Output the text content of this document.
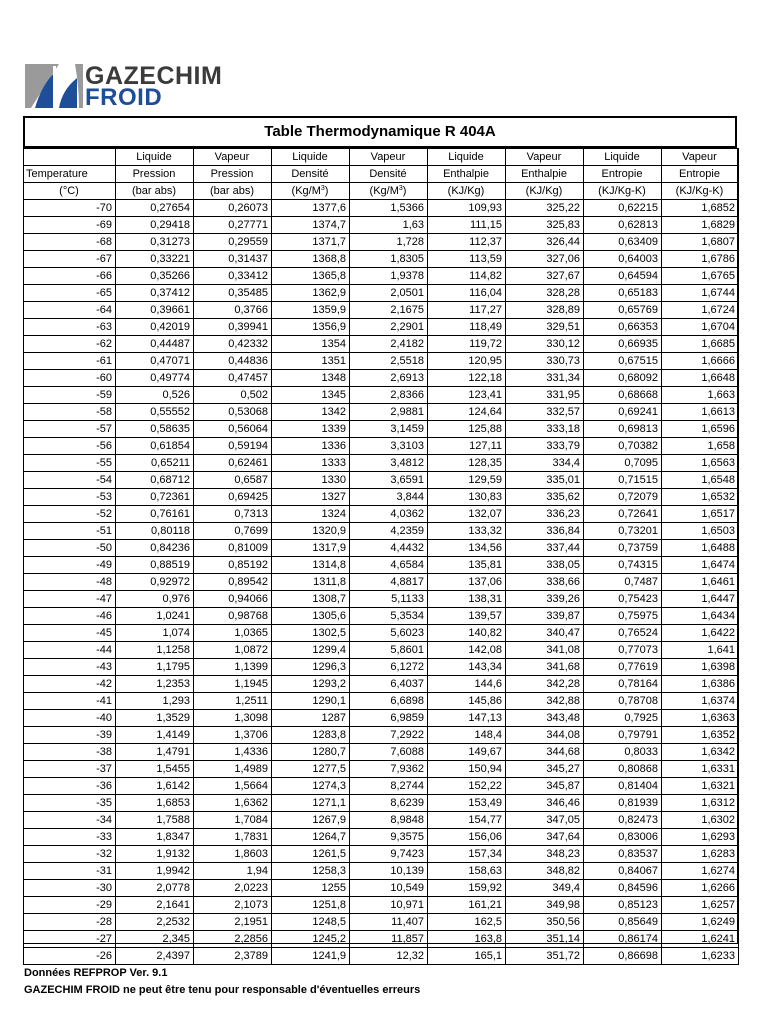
GAZECHIM
FROID
Table Thermodynamique R 404A
	Liquide	Vapeur	Liquide	Vapeur	Liquide	Vapeur	Liquide	Vapeur
Temperature	Pression	Pression	Densité	Densité	Enthalpie	Enthalpie	Entropie	Entropie
(°C)	(bar abs)	(bar abs)	$(Kg/M^3)$	$(Kg/M^3)$	(KJ/Kg)	(KJ/Kg)	(KJ/Kg-K)	(KJ/Kg-K)
-70	0,27654	0,26073	1377,6	1,5366	109,93	325,22	0,62215	1,6852
-69	0,29418	0,27771	1374,7	1,63	111,15	325,83	0,62813	1,6829
-68	0,31273	0,29559	1371,7	1,728	112,37	326,44	0,63409	1,6807
-67	0,33221	0,31437	1368,8	1,8305	113,59	327,06	0,64003	1,6786
-66	0,35266	0,33412	1365,8	1,9378	114,82	327,67	0,64594	1,6765
-65	0,37412	0,35485	1362,9	2,0501	116,04	328,28	0,65183	1,6744
-64	0,39661	0,3766	1359,9	2,1675	117,27	328,89	0,65769	1,6724
-63	0,42019	0,39941	1356,9	2,2901	118,49	329,51	0,66353	1,6704
-62	0,44487	0,42332	1354	2,4182	119,72	330,12	0,66935	1,6685
-61	0,47071	0,44836	1351	2,5518	120,95	330,73	0,67515	1,6666
-60	0,49774	0,47457	1348	2,6913	122,18	331,34	0,68092	1,6648
-59	0,526	0,502	1345	2,8366	123,41	331,95	0,68668	1,663
-58	0,55552	0,53068	1342	2,9881	124,64	332,57	0,69241	1,6613
-57	0,58635	0,56064	1339	3,1459	125,88	333,18	0,69813	1,6596
-56	0,61854	0,59194	1336	3,3103	127,11	333,79	0,70382	1,658
-55	0,65211	0,62461	1333	3,4812	128,35	334,4	0,7095	1,6563
-54	0,68712	0,6587	1330	3,6591	129,59	335,01	0,71515	1,6548
-53	0,72361	0,69425	1327	3,844	130,83	335,62	0,72079	1,6532
-52	0,76161	0,7313	1324	4,0362	132,07	336,23	0,72641	1,6517
-51	0,80118	0,7699	1320,9	4,2359	133,32	336,84	0,73201	1,6503
-50	0,84236	0,81009	1317,9	4,4432	134,56	337,44	0,73759	1,6488
-49	0,88519	0,85192	1314,8	4,6584	135,81	338,05	0,74315	1,6474
-48	0,92972	0,89542	1311,8	4,8817	137,06	338,66	0,7487	1,6461
-47	0,976	0,94066	1308,7	5,1133	138,31	339,26	0,75423	1,6447
-46	1,0241	0,98768	1305,6	5,3534	139,57	339,87	0,75975	1,6434
-45	1,074	1,0365	1302,5	5,6023	140,82	340,47	0,76524	1,6422
-44	1,1258	1,0872	1299,4	5,8601	142,08	341,08	0,77073	1,641
-43	1,1795	1,1399	1296,3	6,1272	143,34	341,68	0,77619	1,6398
-42	1,2353	1,1945	1293,2	6,4037	144,6	342,28	0,78164	1,6386
-41	1,293	1,2511	1290,1	6,6898	145,86	342,88	0,78708	1,6374
-40	1,3529	1,3098	1287	6,9859	147,13	343,48	0,7925	1,6363
-39	1,4149	1,3706	1283,8	7,2922	148,4	344,08	0,79791	1,6352
-38	1,4791	1,4336	1280,7	7,6088	149,67	344,68	0,8033	1,6342
-37	1,5455	1,4989	1277,5	7,9362	150,94	345,27	0,80868	1,6331
-36	1,6142	1,5664	1274,3	8,2744	152,22	345,87	0,81404	1,6321
-35	1,6853	1,6362	1271,1	8,6239	153,49	346,46	0,81939	1,6312
-34	1,7588	1,7084	1267,9	8,9848	154,77	347,05	0,82473	1,6302
-33	1,8347	1,7831	1264,7	9,3575	156,06	347,64	0,83006	1,6293
-32	1,9132	1,8603	1261,5	9,7423	157,34	348,23	0,83537	1,6283
-31	1,9942	1,94	1258,3	10,139	158,63	348,82	0,84067	1,6274
-30	2,0778	2,0223	1255	10,549	159,92	349,4	0,84596	1,6266
-29	2,1641	2,1073	1251,8	10,971	161,21	349,98	0,85123	1,6257
-28	2,2532	2,1951	1248,5	11,407	162,5	350,56	0,85649	1,6249
-27	2,345	2,2856	1245,2	11,857	163,8	351,14	0,86174	1,6241
-26	2,4397	2,3789	1241,9	12,32	165,1	351,72	0,86698	1,6233
Données REFPROP Ver. 9.1
GAZECHIM FROID ne peut être tenu pour responsable d'éventuelles erreurs
